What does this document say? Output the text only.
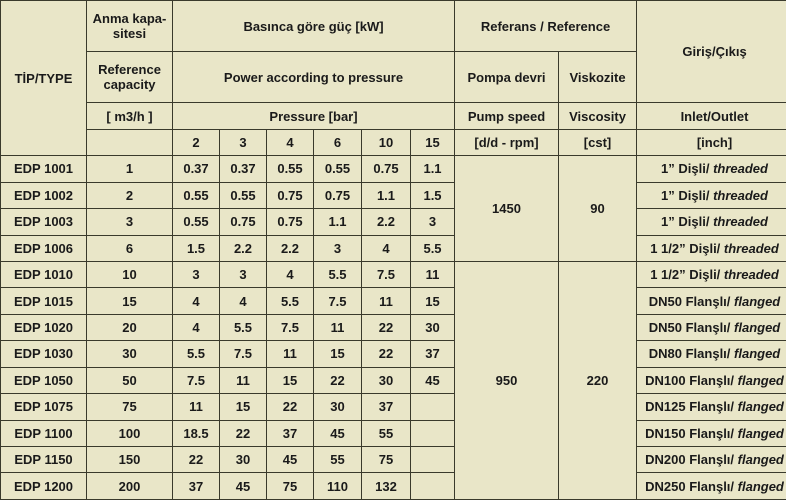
TİP/TYPE	Anma kapa-sitesi	Basınca göre güç [kW]						Referans / Reference		Giriş/Çıkış
	Reference capacity	Power according to pressure						Pompa devri	Viskozite	
	[ m3/h ]	Pressure [bar]						Pump speed	Viscosity	Inlet/Outlet
		2	3	4	6	10	15	[d/d - rpm]	[cst]	[inch]
EDP 1001	1	0.37	0.37	0.55	0.55	0.75	1.1	1450	90	1” Dişli/ threaded
EDP 1002	2	0.55	0.55	0.75	0.75	1.1	1.5			1” Dişli/ threaded
EDP 1003	3	0.55	0.75	0.75	1.1	2.2	3			1” Dişli/ threaded
EDP 1006	6	1.5	2.2	2.2	3	4	5.5			1 1/2” Dişli/ threaded
EDP 1010	10	3	3	4	5.5	7.5	11	950	220	1 1/2” Dişli/ threaded
EDP 1015	15	4	4	5.5	7.5	11	15			DN50 Flanşlı/ flanged
EDP 1020	20	4	5.5	7.5	11	22	30			DN50 Flanşlı/ flanged
EDP 1030	30	5.5	7.5	11	15	22	37			DN80 Flanşlı/ flanged
EDP 1050	50	7.5	11	15	22	30	45			DN100 Flanşlı/ flanged
EDP 1075	75	11	15	22	30	37				DN125 Flanşlı/ flanged
EDP 1100	100	18.5	22	37	45	55				DN150 Flanşlı/ flanged
EDP 1150	150	22	30	45	55	75				DN200 Flanşlı/ flanged
EDP 1200	200	37	45	75	110	132				DN250 Flanşlı/ flanged
